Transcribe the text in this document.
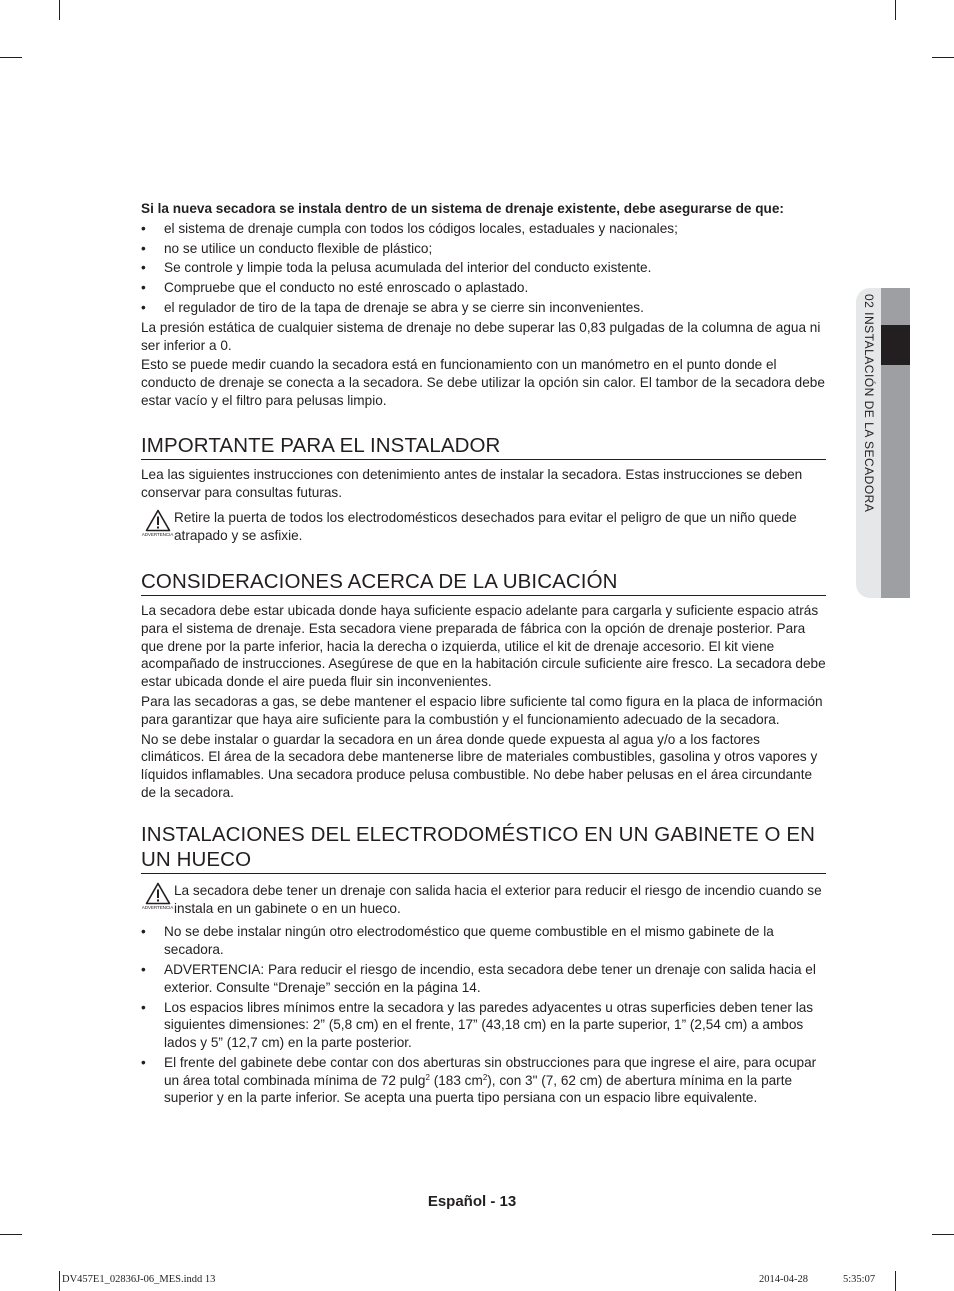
02 INSTALACIÓN DE LA SECADORA

Si la nueva secadora se instala dentro de un sistema de drenaje existente, debe asegurarse de que:

• el sistema de drenaje cumpla con todos los códigos locales, estaduales y nacionales;
• no se utilice un conducto flexible de plástico;
• Se controle y limpie toda la pelusa acumulada del interior del conducto existente.
• Compruebe que el conducto no esté enroscado o aplastado.
• el regulador de tiro de la tapa de drenaje se abra y se cierre sin inconvenientes.

La presión estática de cualquier sistema de drenaje no debe superar las 0,83 pulgadas de la columna de agua ni ser inferior a 0.

Esto se puede medir cuando la secadora está en funcionamiento con un manómetro en el punto donde el conducto de drenaje se conecta a la secadora. Se debe utilizar la opción sin calor. El tambor de la secadora debe estar vacío y el filtro para pelusas limpio.

IMPORTANTE PARA EL INSTALADOR

Lea las siguientes instrucciones con detenimiento antes de instalar la secadora. Estas instrucciones se deben conservar para consultas futuras.

ADVERTENCIA
Retire la puerta de todos los electrodomésticos desechados para evitar el peligro de que un niño quede atrapado y se asfixie.
CONSIDERACIONES ACERCA DE LA UBICACIÓN

La secadora debe estar ubicada donde haya suficiente espacio adelante para cargarla y suficiente espacio atrás para el sistema de drenaje. Esta secadora viene preparada de fábrica con la opción de drenaje posterior. Para que drene por la parte inferior, hacia la derecha o izquierda, utilice el kit de drenaje accesorio. El kit viene acompañado de instrucciones. Asegúrese de que en la habitación circule suficiente aire fresco. La secadora debe estar ubicada donde el aire pueda fluir sin inconvenientes.

Para las secadoras a gas, se debe mantener el espacio libre suficiente tal como figura en la placa de información para garantizar que haya aire suficiente para la combustión y el funcionamiento adecuado de la secadora.

No se debe instalar o guardar la secadora en un área donde quede expuesta al agua y/o a los factores climáticos. El área de la secadora debe mantenerse libre de materiales combustibles, gasolina y otros vapores y líquidos inflamables. Una secadora produce pelusa combustible. No debe haber pelusas en el área circundante de la secadora.

INSTALACIONES DEL ELECTRODOMÉSTICO EN UN GABINETE O EN UN HUECO
ADVERTENCIA
La secadora debe tener un drenaje con salida hacia el exterior para reducir el riesgo de incendio cuando se instala en un gabinete o en un hueco.
• No se debe instalar ningún otro electrodoméstico que queme combustible en el mismo gabinete de la secadora.
• ADVERTENCIA: Para reducir el riesgo de incendio, esta secadora debe tener un drenaje con salida hacia el exterior. Consulte “Drenaje” sección en la página 14.
• Los espacios libres mínimos entre la secadora y las paredes adyacentes u otras superficies deben tener las siguientes dimensiones: 2” (5,8 cm) en el frente, 17” (43,18 cm) en la parte superior, 1” (2,54 cm) a ambos lados y 5” (12,7 cm) en la parte posterior.
• El frente del gabinete debe contar con dos aberturas sin obstrucciones para que ingrese el aire, para ocupar un área total combinada mínima de 72 pulg$^2$ (183 $cm^2$), con 3" (7, 62 cm) de abertura mínima en la parte superior y en la parte inferior. Se acepta una puerta tipo persiana con un espacio libre equivalente.
Español - 13
DV457E1_02836J-06_MES.indd 13	2014-04-28	5:35:07
